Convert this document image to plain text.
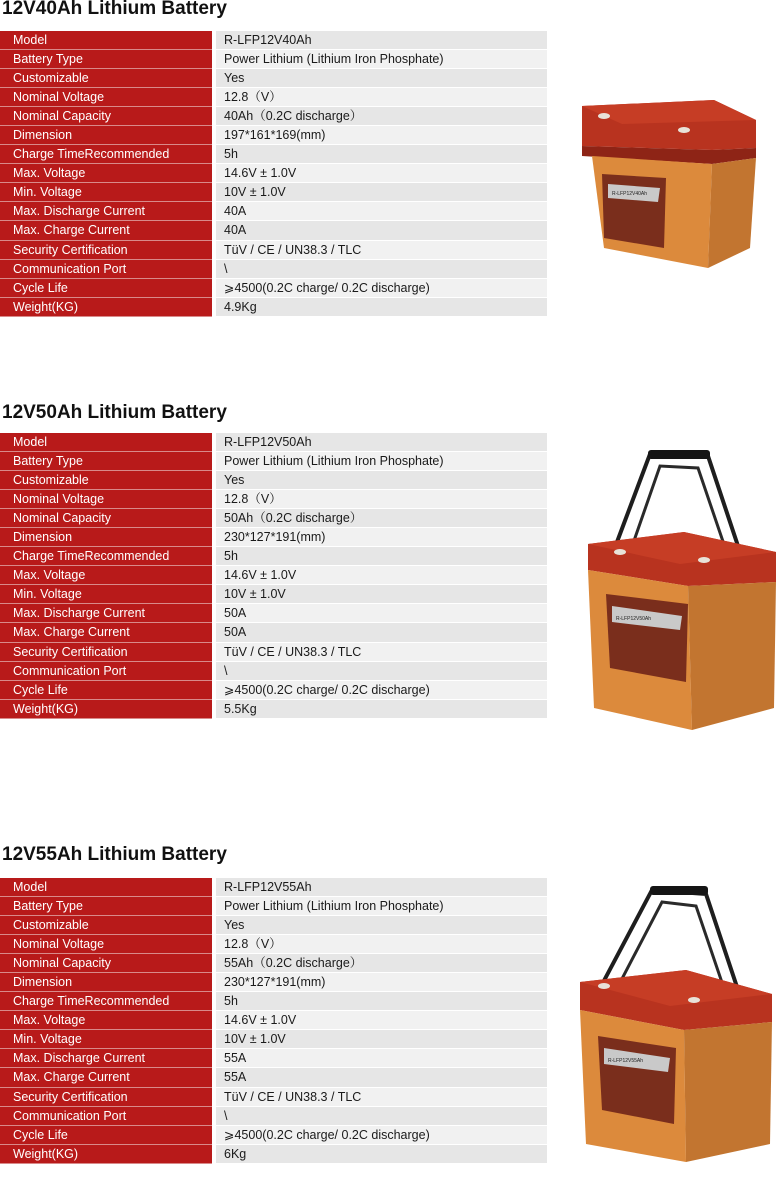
12V40Ah Lithium Battery
Model	R-LFP12V40Ah
Battery Type	Power Lithium (Lithium Iron Phosphate)
Customizable	Yes
Nominal Voltage	12.8（V）
Nominal Capacity	40Ah（0.2C discharge）
Dimension	197*161*169(mm)
Charge TimeRecommended	5h
Max. Voltage	14.6V ± 1.0V
Min. Voltage	10V ± 1.0V
Max. Discharge Current	40A
Max. Charge Current	40A
Security Certification	TüV / CE / UN38.3 / TLC
Communication Port	\
Cycle Life	⩾4500(0.2C charge/ 0.2C discharge)
Weight(KG)	4.9Kg
R-LFP12V40Ah
12V50Ah Lithium Battery
Model	R-LFP12V50Ah
Battery Type	Power Lithium (Lithium Iron Phosphate)
Customizable	Yes
Nominal Voltage	12.8（V）
Nominal Capacity	50Ah（0.2C discharge）
Dimension	230*127*191(mm)
Charge TimeRecommended	5h
Max. Voltage	14.6V ± 1.0V
Min. Voltage	10V ± 1.0V
Max. Discharge Current	50A
Max. Charge Current	50A
Security Certification	TüV / CE / UN38.3 / TLC
Communication Port	\
Cycle Life	⩾4500(0.2C charge/ 0.2C discharge)
Weight(KG)	5.5Kg
R-LFP12V50Ah
12V55Ah Lithium Battery
Model	R-LFP12V55Ah
Battery Type	Power Lithium (Lithium Iron Phosphate)
Customizable	Yes
Nominal Voltage	12.8（V）
Nominal Capacity	55Ah（0.2C discharge）
Dimension	230*127*191(mm)
Charge TimeRecommended	5h
Max. Voltage	14.6V ± 1.0V
Min. Voltage	10V ± 1.0V
Max. Discharge Current	55A
Max. Charge Current	55A
Security Certification	TüV / CE / UN38.3 / TLC
Communication Port	\
Cycle Life	⩾4500(0.2C charge/ 0.2C discharge)
Weight(KG)	6Kg
R-LFP12V55Ah
